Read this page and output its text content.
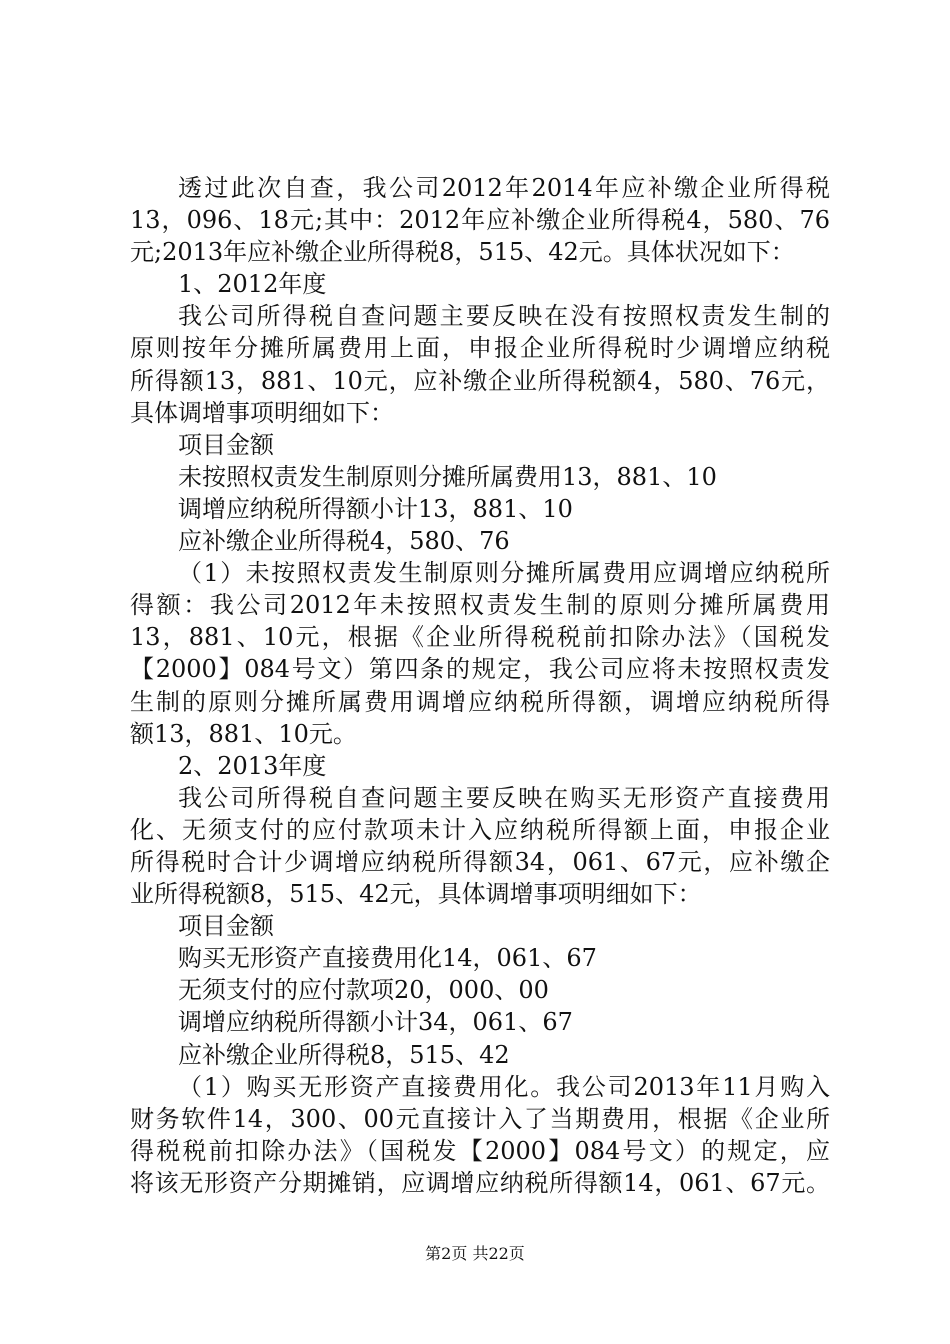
透过此次自查，我公司2012年2014年应补缴企业所得税
13，096、18元;其中：2012年应补缴企业所得税4，580、76
元;2013年应补缴企业所得税8，515、42元。具体状况如下：
1、2012年度
我公司所得税自查问题主要反映在没有按照权责发生制的
原则按年分摊所属费用上面，申报企业所得税时少调增应纳税
所得额13，881、10元，应补缴企业所得税额4，580、76元，
具体调增事项明细如下：
项目金额
未按照权责发生制原则分摊所属费用13，881、10
调增应纳税所得额小计13，881、10
应补缴企业所得税4，580、76
（1）未按照权责发生制原则分摊所属费用应调增应纳税所
得额：我公司2012年未按照权责发生制的原则分摊所属费用
13，881、10元，根据《企业所得税税前扣除办法》（国税发
【2000】084号文）第四条的规定，我公司应将未按照权责发
生制的原则分摊所属费用调增应纳税所得额，调增应纳税所得
额13，881、10元。
2、2013年度
我公司所得税自查问题主要反映在购买无形资产直接费用
化、无须支付的应付款项未计入应纳税所得额上面，申报企业
所得税时合计少调增应纳税所得额34，061、67元，应补缴企
业所得税额8，515、42元，具体调增事项明细如下：
项目金额
购买无形资产直接费用化14，061、67
无须支付的应付款项20，000、00
调增应纳税所得额小计34，061、67
应补缴企业所得税8，515、42
（1）购买无形资产直接费用化。我公司2013年11月购入
财务软件14，300、00元直接计入了当期费用，根据《企业所
得税税前扣除办法》（国税发【2000】084号文）的规定，应
将该无形资产分期摊销，应调增应纳税所得额14，061、67元。
第2页 共22页
